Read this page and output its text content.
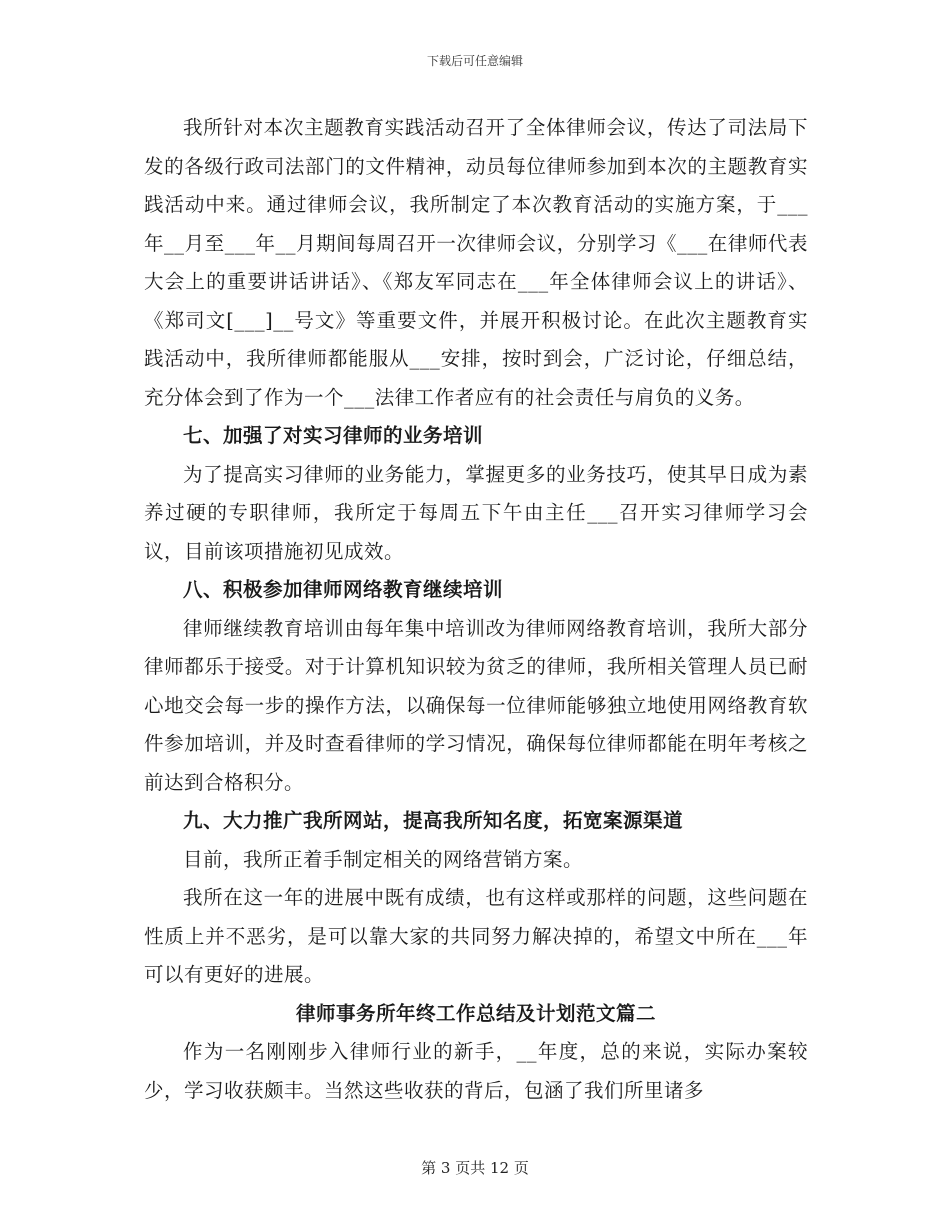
下载后可任意编辑

我所针对本次主题教育实践活动召开了全体律师会议，传达了司法局下发的各级行政司法部门的文件精神，动员每位律师参加到本次的主题教育实践活动中来。通过律师会议，我所制定了本次教育活动的实施方案，于___年__月至___年__月期间每周召开一次律师会议，分别学习《___在律师代表大会上的重要讲话讲话》、《郑友军同志在___年全体律师会议上的讲话》、《郑司文[___]__号文》等重要文件，并展开积极讨论。在此次主题教育实践活动中，我所律师都能服从___安排，按时到会，广泛讨论，仔细总结，充分体会到了作为一个___法律工作者应有的社会责任与肩负的义务。

七、加强了对实习律师的业务培训

为了提高实习律师的业务能力，掌握更多的业务技巧，使其早日成为素养过硬的专职律师，我所定于每周五下午由主任___召开实习律师学习会议，目前该项措施初见成效。

八、积极参加律师网络教育继续培训

律师继续教育培训由每年集中培训改为律师网络教育培训，我所大部分律师都乐于接受。对于计算机知识较为贫乏的律师，我所相关管理人员已耐心地交会每一步的操作方法，以确保每一位律师能够独立地使用网络教育软件参加培训，并及时查看律师的学习情况，确保每位律师都能在明年考核之前达到合格积分。

九、大力推广我所网站，提高我所知名度，拓宽案源渠道

目前，我所正着手制定相关的网络营销方案。

我所在这一年的进展中既有成绩，也有这样或那样的问题，这些问题在性质上并不恶劣，是可以靠大家的共同努力解决掉的，希望文中所在___年可以有更好的进展。

律师事务所年终工作总结及计划范文篇二

作为一名刚刚步入律师行业的新手，__年度，总的来说，实际办案较少，学习收获颇丰。当然这些收获的背后，包涵了我们所里诸多

第 3 页共 12 页
